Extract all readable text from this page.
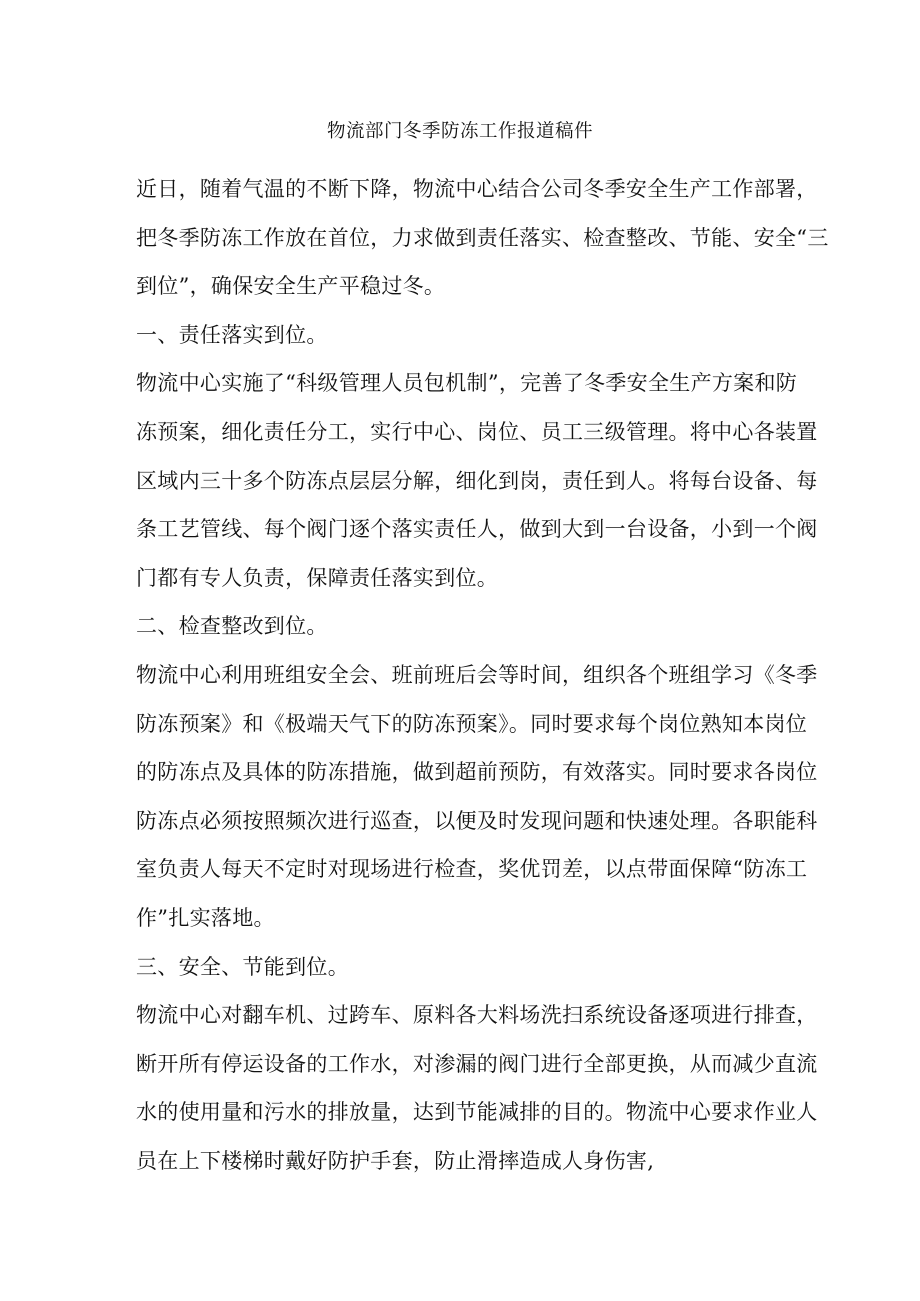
物流部门冬季防冻工作报道稿件
近日，随着气温的不断下降，物流中心结合公司冬季安全生产工作部署，
把冬季防冻工作放在首位，力求做到责任落实、检查整改、节能、安全“三
到位”，确保安全生产平稳过冬。
一、责任落实到位。
物流中心实施了“科级管理人员包机制”，完善了冬季安全生产方案和防
冻预案，细化责任分工，实行中心、岗位、员工三级管理。将中心各装置
区域内三十多个防冻点层层分解，细化到岗，责任到人。将每台设备、每
条工艺管线、每个阀门逐个落实责任人，做到大到一台设备，小到一个阀
门都有专人负责，保障责任落实到位。
二、检查整改到位。
物流中心利用班组安全会、班前班后会等时间，组织各个班组学习《冬季
防冻预案》和《极端天气下的防冻预案》。同时要求每个岗位熟知本岗位
的防冻点及具体的防冻措施，做到超前预防，有效落实。同时要求各岗位
防冻点必须按照频次进行巡查，以便及时发现问题和快速处理。各职能科
室负责人每天不定时对现场进行检查，奖优罚差，以点带面保障“防冻工
作”扎实落地。
三、安全、节能到位。
物流中心对翻车机、过跨车、原料各大料场洗扫系统设备逐项进行排查，
断开所有停运设备的工作水，对渗漏的阀门进行全部更换，从而减少直流
水的使用量和污水的排放量，达到节能减排的目的。物流中心要求作业人
员在上下楼梯时戴好防护手套，防止滑摔造成人身伤害,
